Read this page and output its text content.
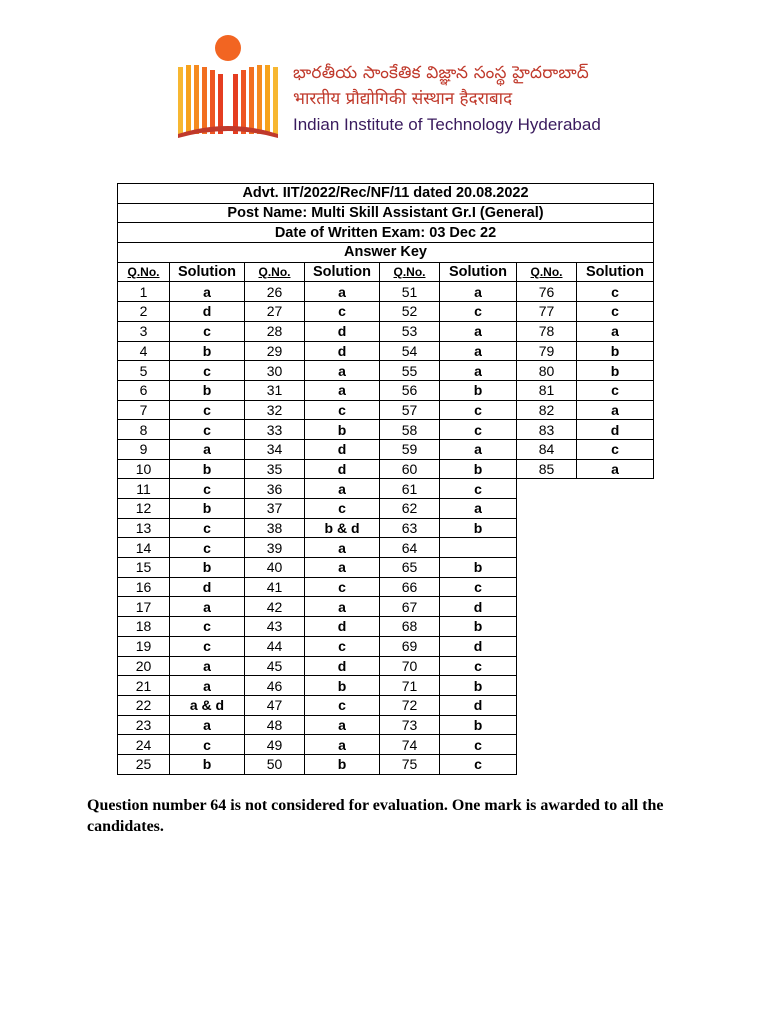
భారతీయ సాంకేతిక విజ్ఞాన సంస్థ హైదరాబాద్
भारतीय प्रौद्योगिकी संस्थान हैदराबाद
Indian Institute of Technology Hyderabad
Advt. IIT/2022/Rec/NF/11 dated 20.08.2022							
Post Name: Multi Skill Assistant Gr.I (General)							
Date of Written Exam: 03 Dec 22							
Answer Key							
Q.No.	Solution	Q.No.	Solution	Q.No.	Solution	Q.No.	Solution
1	a	26	a	51	a	76	c
2	d	27	c	52	c	77	c
3	c	28	d	53	a	78	a
4	b	29	d	54	a	79	b
5	c	30	a	55	a	80	b
6	b	31	a	56	b	81	c
7	c	32	c	57	c	82	a
8	c	33	b	58	c	83	d
9	a	34	d	59	a	84	c
10	b	35	d	60	b	85	a
11	c	36	a	61	c		
12	b	37	c	62	a		
13	c	38	b & d	63	b		
14	c	39	a	64			
15	b	40	a	65	b		
16	d	41	c	66	c		
17	a	42	a	67	d		
18	c	43	d	68	b		
19	c	44	c	69	d		
20	a	45	d	70	c		
21	a	46	b	71	b		
22	a & d	47	c	72	d		
23	a	48	a	73	b		
24	c	49	a	74	c		
25	b	50	b	75	c		
Question number 64 is not considered for evaluation. One mark is awarded to all the candidates.
